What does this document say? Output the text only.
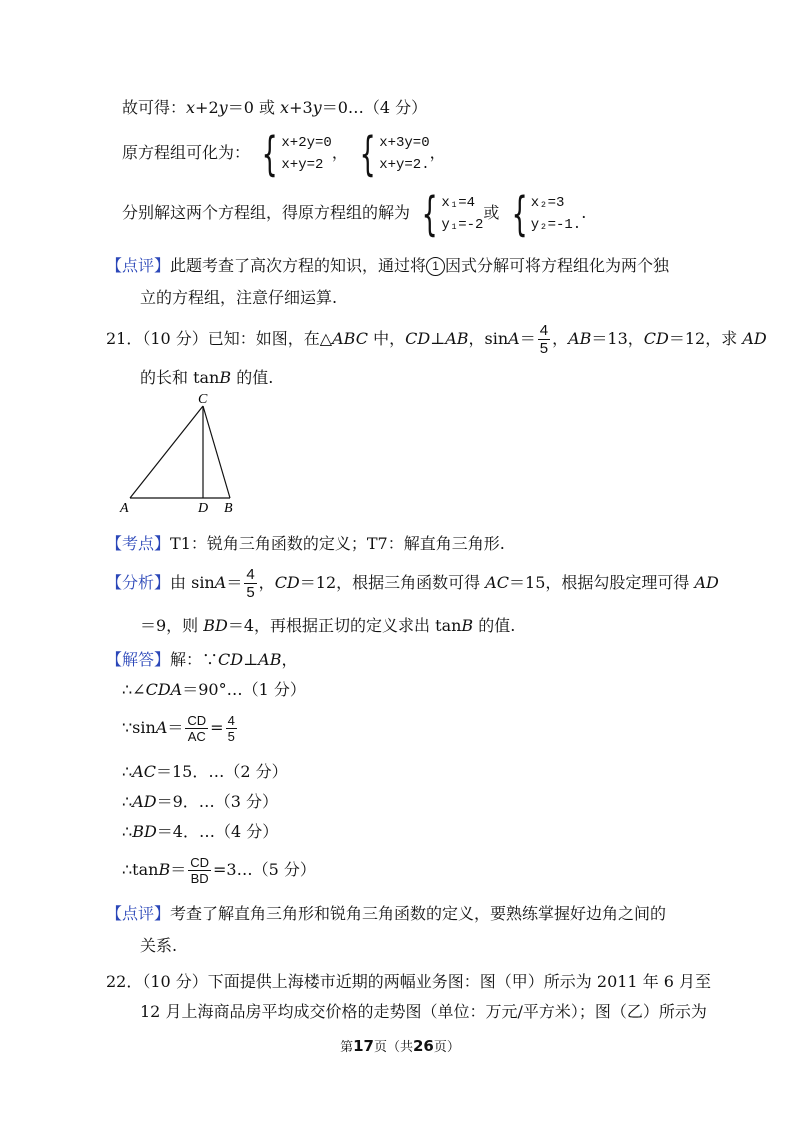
故可得：x+2y＝0 或 x+3y＝0…（4 分）
原方程组可化为： { x+2y=0
x+y=2
， { x+3y=0
x+y=2.
，
分别解这两个方程组，得原方程组的解为 { x₁=4
y₁=-2
或 { x₂=3
y₂=-1.
.
【点评】此题考查了高次方程的知识，通过将 1 因式分解可将方程组化为两个独
立的方程组，注意仔细运算.
21．（10 分）已知：如图，在△ABC 中，CD⊥AB，$\sin A= \frac{4}{5}$ ，AB＝13，CD＝12，求 AD
的长和 tanB 的值.
C
A	D B
【考点】T1：锐角三角函数的定义；T7：解直角三角形.
【分析】由 $\sin A= \frac{4}{5}$ ，CD＝12，根据三角函数可得 AC＝15，根据勾股定理可得 AD
＝9，则 BD＝4，再根据正切的定义求出 tanB 的值.
【解答】解：∵CD⊥AB，
∴∠CDA＝90°…（1 分）
∵sinA＝ $\frac{CD}{AC} = \frac{4}{5}$
∴AC＝15．…（2 分）
∴AD＝9．…（3 分）
∴BD＝4．…（4 分）
∴tanB＝ $\frac{CD}{BD}$ =3…（5 分）
【点评】考查了解直角三角形和锐角三角函数的定义，要熟练掌握好边角之间的
关系.
22．（10 分）下面提供上海楼市近期的两幅业务图：图（甲）所示为 2011 年 6 月至
12 月上海商品房平均成交价格的走势图（单位：万元/平方米）；图（乙）所示为
第17页（共26页）
